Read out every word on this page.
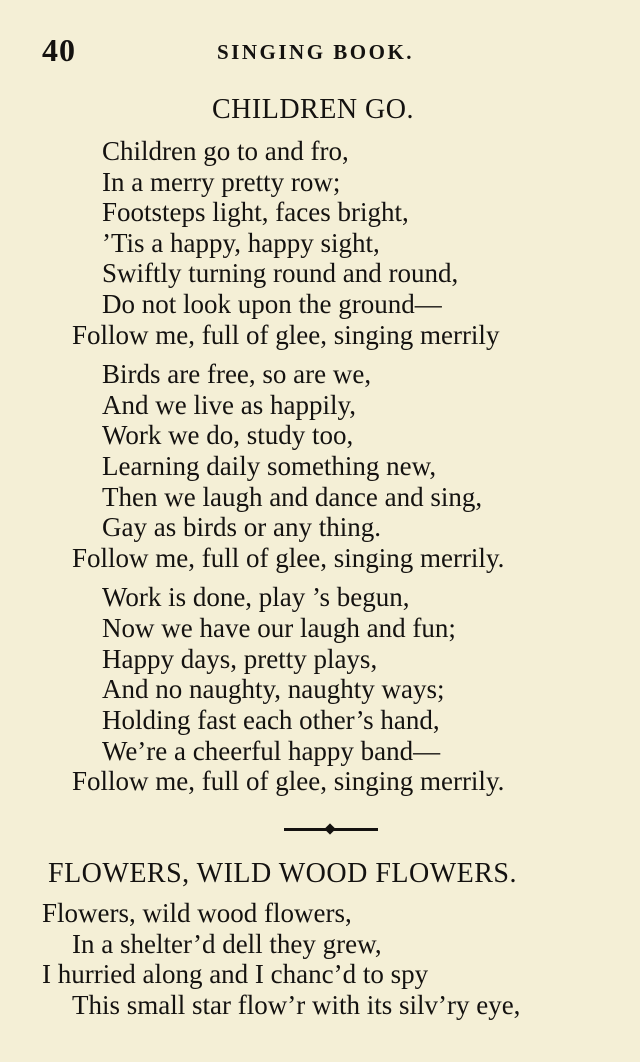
40	SINGING BOOK.
CHILDREN GO.
Children go to and fro,
In a merry pretty row;
Footsteps light, faces bright,
’Tis a happy, happy sight,
Swiftly turning round and round,
Do not look upon the ground—
Follow me, full of glee, singing merrily
Birds are free, so are we,
And we live as happily,
Work we do, study too,
Learning daily something new,
Then we laugh and dance and sing,
Gay as birds or any thing.
Follow me, full of glee, singing merrily.
Work is done, play ’s begun,
Now we have our laugh and fun;
Happy days, pretty plays,
And no naughty, naughty ways;
Holding fast each other’s hand,
We’re a cheerful happy band—
Follow me, full of glee, singing merrily.
FLOWERS, WILD WOOD FLOWERS.
Flowers, wild wood flowers,
In a shelter’d dell they grew,
I hurried along and I chanc’d to spy
This small star flow’r with its silv’ry eye,
